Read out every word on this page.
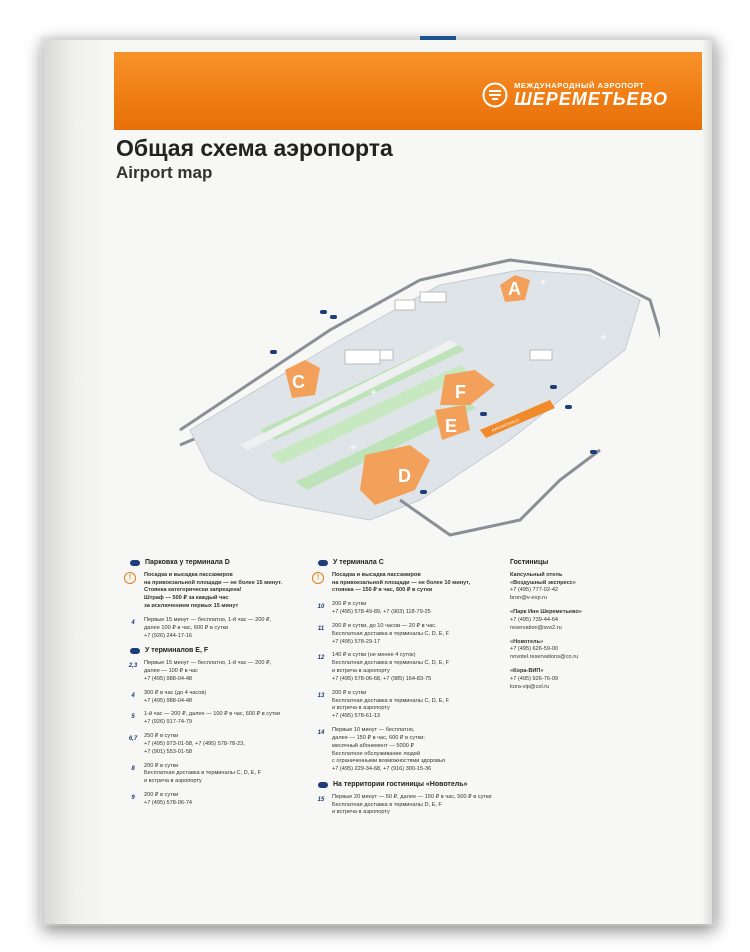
МЕЖДУНАРОДНЫЙ АЭРОПОРТ
ШЕРЕМЕТЬЕВО
Общая схема аэропорта
Airport map
A
C	F
E
D
АЭРОЭКСПРЕСС
✈
✈
✈
✈
Парковка у терминала D
!	Посадка и высадка пассажиров

на привокзальной площади — не более 15 минут.

Стоянка категорически запрещена!

Штраф — 500 ₽ за каждый час

за исключением первых 15 минут

4	Первые 15 минут — бесплатно, 1-й час — 200 ₽,

далее 100 ₽ в час, 600 ₽ в сутки

+7 (926) 244-17-16

У терминалов E, F
2,3	Первые 15 минут — бесплатно, 1-й час — 200 ₽,

далее — 100 ₽ в час

+7 (495) 988-04-48

4	300 ₽ в час (до 4 часов)

+7 (495) 988-04-48

5	1-й час — 200 ₽, далее — 100 ₽ в час, 600 ₽ в сутки

+7 (926) 917-74-79

6,7	250 ₽ в сутки

+7 (495) 973-01-58, +7 (495) 578-78-23,

+7 (901) 553-01-58

8	200 ₽ в сутки

Бесплатная доставка в терминалы C, D, E, F

и встреча в аэропорту

9	200 ₽ в сутки

+7 (495) 578-06-74

У терминала С
!	Посадка и высадка пассажиров

на привокзальной площади — не более 10 минут,

стоянка — 150 ₽ в час, 600 ₽ в сутки

10	200 ₽ в сутки

+7 (495) 578-49-89, +7 (903) 118-79-25

11	200 ₽ в сутки, до 10 часов — 20 ₽ в час.

Бесплатная доставка в терминалы C, D, E, F

+7 (495) 578-29-17

12	140 ₽ в сутки (не менее 4 суток)

Бесплатная доставка в терминалы C, D, E, F

и встреча в аэропорту

+7 (495) 578-06-68, +7 (985) 164-83-75

13	200 ₽ в сутки

Бесплатная доставка в терминалы C, D, E, F

и встреча в аэропорту

+7 (495) 578-61-13

14	Первые 10 минут — бесплатно,

далее — 150 ₽ в час, 600 ₽ в сутки;

месячный абонемент — 5000 ₽

Бесплатное обслуживание людей

с ограниченными возможностями здоровья

+7 (495) 229-34-68, +7 (916) 300-15-36

На территории гостиницы «Новотель»
15	Первые 20 минут — 50 ₽, далее — 150 ₽ в час, 500 ₽ в сутки

Бесплатная доставка в терминалы D, E, F

и встреча в аэропорту

Гостиницы

Капсульный отель

«Воздушный экспресс»

+7 (495) 777-02-42

bron@v-exp.ru

«Парк Инн Шереметьево»

+7 (495) 739-44-64

reservation@svo2.ru

«Новотель»

+7 (495) 626-59-00

novotel.reservations@co.ru

«Кора-ВИП»

+7 (495) 926-76-09

kora-vip@col.ru
